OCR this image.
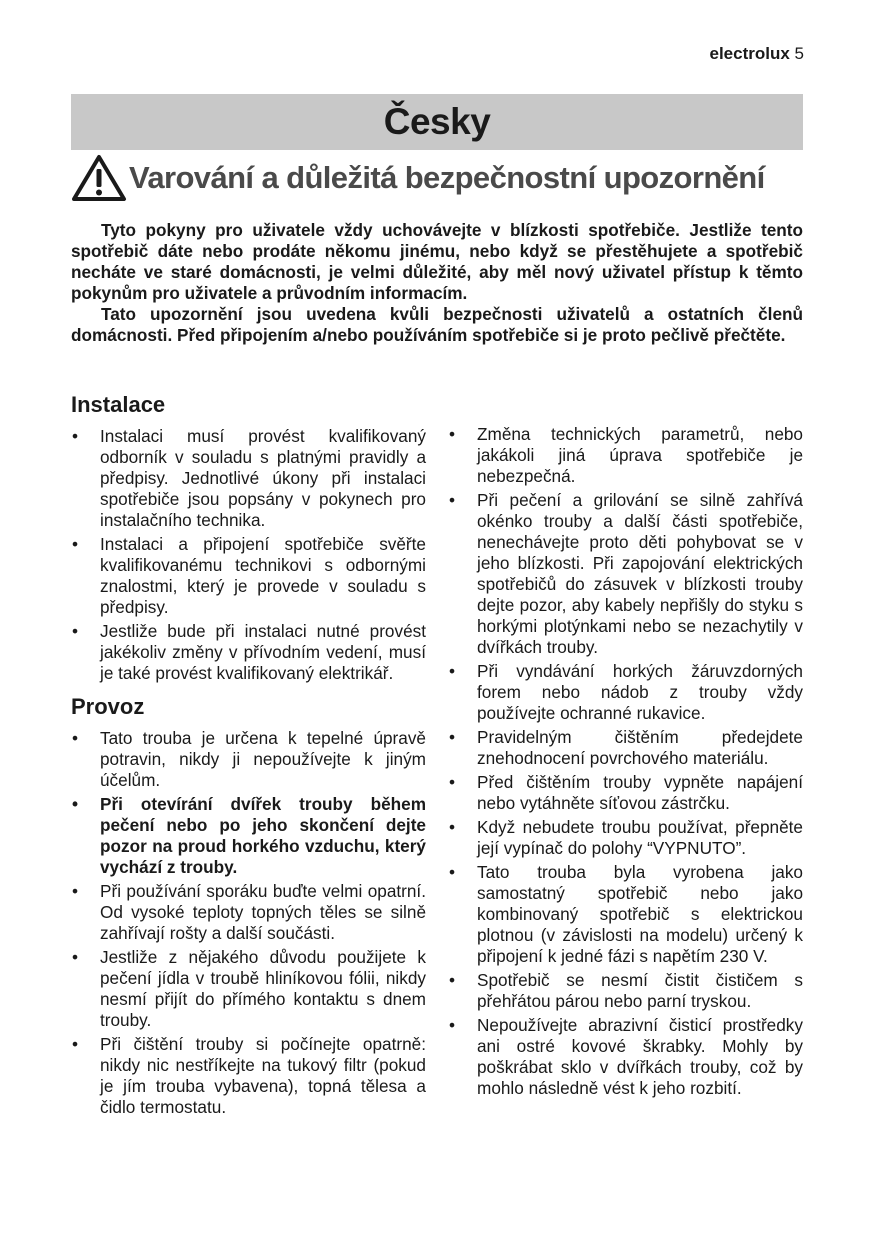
electrolux 5
Česky
Varování a důležitá bezpečnostní upozornění

Tyto pokyny pro uživatele vždy uchovávejte v blízkosti spotřebiče. Jestliže tento spotřebič dáte nebo prodáte někomu jinému, nebo když se přestěhujete a spotřebič necháte ve staré domácnosti, je velmi důležité, aby měl nový uživatel přístup k těmto pokynům pro uživatele a průvodním informacím.

Tato upozornění jsou uvedena kvůli bezpečnosti uživatelů a ostatních členů domácnosti. Před připojením a/nebo používáním spotřebiče si je proto pečlivě přečtěte.

Instalace
• Instalaci musí provést kvalifikovaný odborník v souladu s platnými pravidly a předpisy. Jednotlivé úkony při instalaci spotřebiče jsou popsány v pokynech pro instalačního technika.
• Instalaci a připojení spotřebiče svěřte kvalifikovanému technikovi s odbornými znalostmi, který je provede v souladu s předpisy.
• Jestliže bude při instalaci nutné provést jakékoliv změny v přívodním vedení, musí je také provést kvalifikovaný elektrikář.
Provoz
• Tato trouba je určena k tepelné úpravě potravin, nikdy ji nepoužívejte k jiným účelům.
• Při otevírání dvířek trouby během pečení nebo po jeho skončení dejte pozor na proud horkého vzduchu, který vychází z trouby.
• Při používání sporáku buďte velmi opatrní. Od vysoké teploty topných těles se silně zahřívají rošty a další součásti.
• Jestliže z nějakého důvodu použijete k pečení jídla v troubě hliníkovou fólii, nikdy nesmí přijít do přímého kontaktu s dnem trouby.
• Při čištění trouby si počínejte opatrně: nikdy nic nestříkejte na tukový filtr (pokud je jím trouba vybavena), topná tělesa a čidlo termostatu.
• Změna technických parametrů, nebo jakákoli jiná úprava spotřebiče je nebezpečná.
• Při pečení a grilování se silně zahřívá okénko trouby a další části spotřebiče, nenechávejte proto děti pohybovat se v jeho blízkosti. Při zapojování elektrických spotřebičů do zásuvek v blízkosti trouby dejte pozor, aby kabely nepřišly do styku s horkými plotýnkami nebo se nezachytily v dvířkách trouby.
• Při vyndávání horkých žáruvzdorných forem nebo nádob z trouby vždy používejte ochranné rukavice.
• Pravidelným čištěním předejdete znehodnocení povrchového materiálu.
• Před čištěním trouby vypněte napájení nebo vytáhněte síťovou zástrčku.
• Když nebudete troubu používat, přepněte její vypínač do polohy “VYPNUTO”.
• Tato trouba byla vyrobena jako samostatný spotřebič nebo jako kombinovaný spotřebič s elektrickou plotnou (v závislosti na modelu) určený k připojení k jedné fázi s napětím 230 V.
• Spotřebič se nesmí čistit čističem s přehřátou párou nebo parní tryskou.
• Nepoužívejte abrazivní čisticí prostředky ani ostré kovové škrabky. Mohly by poškrábat sklo v dvířkách trouby, což by mohlo následně vést k jeho rozbití.
